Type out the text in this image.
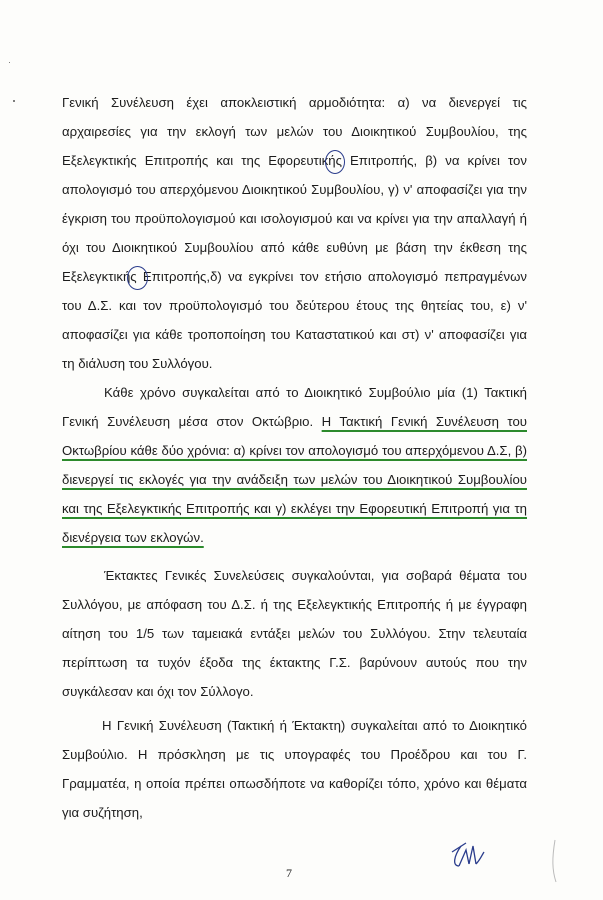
Γενική Συνέλευση έχει αποκλειστική αρμοδιότητα: α) να διενεργεί τις αρχαιρεσίες για την εκλογή των μελών του Διοικητικού Συμβουλίου, της Εξελεγκτικής Επιτροπής και της Εφορευτικής Επιτροπής, β) να κρίνει τον απολογισμό του απερχόμενου Διοικητικού Συμβουλίου, γ) ν' αποφασίζει για την έγκριση του προϋπολογισμού και ισολογισμού και να κρίνει για την απαλλαγή ή όχι του Διοικητικού Συμβουλίου από κάθε ευθύνη με βάση την έκθεση της Εξελεγκτικής Επιτροπής,δ) να εγκρίνει τον ετήσιο απολογισμό πεπραγμένων του Δ.Σ. και τον προϋπολογισμό του δεύτερου έτους της θητείας του, ε) ν' αποφασίζει για κάθε τροποποίηση του Καταστατικού και στ) ν' αποφασίζει για τη διάλυση του Συλλόγου.

Κάθε χρόνο συγκαλείται από το Διοικητικό Συμβούλιο μία (1) Τακτική Γενική Συνέλευση μέσα στον Οκτώβριο. Η Τακτική Γενική Συνέλευση του Οκτωβρίου κάθε δύο χρόνια: α) κρίνει τον απολογισμό του απερχόμενου Δ.Σ, β) διενεργεί τις εκλογές για την ανάδειξη των μελών του Διοικητικού Συμβουλίου και της Εξελεγκτικής Επιτροπής και γ) εκλέγει την Εφορευτική Επιτροπή για τη διενέργεια των εκλογών.

Έκτακτες Γενικές Συνελεύσεις συγκαλούνται, για σοβαρά θέματα του Συλλόγου, με απόφαση του Δ.Σ. ή της Εξελεγκτικής Επιτροπής ή με έγγραφη αίτηση του 1/5 των ταμειακά εντάξει μελών του Συλλόγου. Στην τελευταία περίπτωση τα τυχόν έξοδα της έκτακτης Γ.Σ. βαρύνουν αυτούς που την συγκάλεσαν και όχι τον Σύλλογο.

Η Γενική Συνέλευση (Τακτική ή Έκτακτη) συγκαλείται από το Διοικητικό Συμβούλιο. Η πρόσκληση με τις υπογραφές του Προέδρου και του Γ. Γραμματέα, η οποία πρέπει οπωσδήποτε να καθορίζει τόπο, χρόνο και θέματα για συζήτηση,

7
